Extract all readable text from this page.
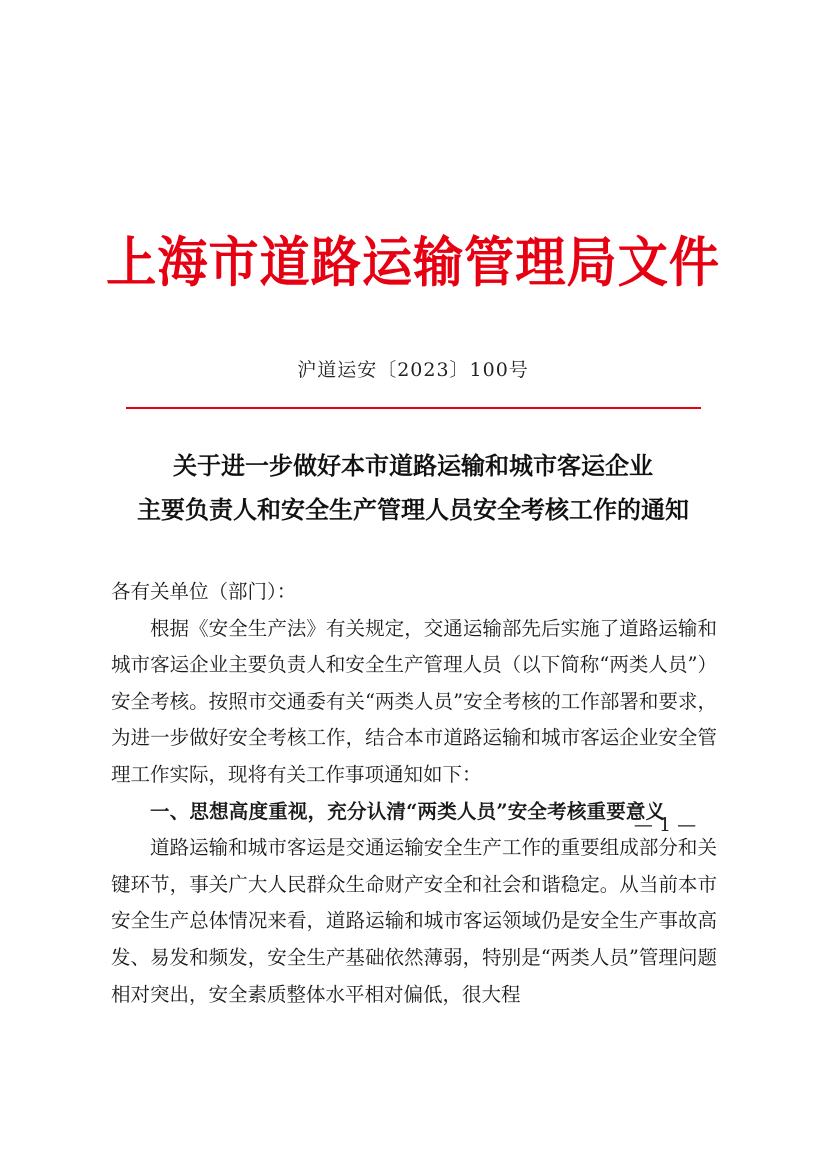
上海市道路运输管理局文件
沪道运安〔2023〕100号
关于进一步做好本市道路运输和城市客运企业
主要负责人和安全生产管理人员安全考核工作的通知

各有关单位（部门）：

根据《安全生产法》有关规定，交通运输部先后实施了道路运输和城市客运企业主要负责人和安全生产管理人员（以下简称“两类人员”）安全考核。按照市交通委有关“两类人员”安全考核的工作部署和要求，为进一步做好安全考核工作，结合本市道路运输和城市客运企业安全管理工作实际，现将有关工作事项通知如下：

一、思想高度重视，充分认清“两类人员”安全考核重要意义

道路运输和城市客运是交通运输安全生产工作的重要组成部分和关键环节，事关广大人民群众生命财产安全和社会和谐稳定。从当前本市安全生产总体情况来看，道路运输和城市客运领域仍是安全生产事故高发、易发和频发，安全生产基础依然薄弱，特别是“两类人员”管理问题相对突出，安全素质整体水平相对偏低，很大程

— 1 —
